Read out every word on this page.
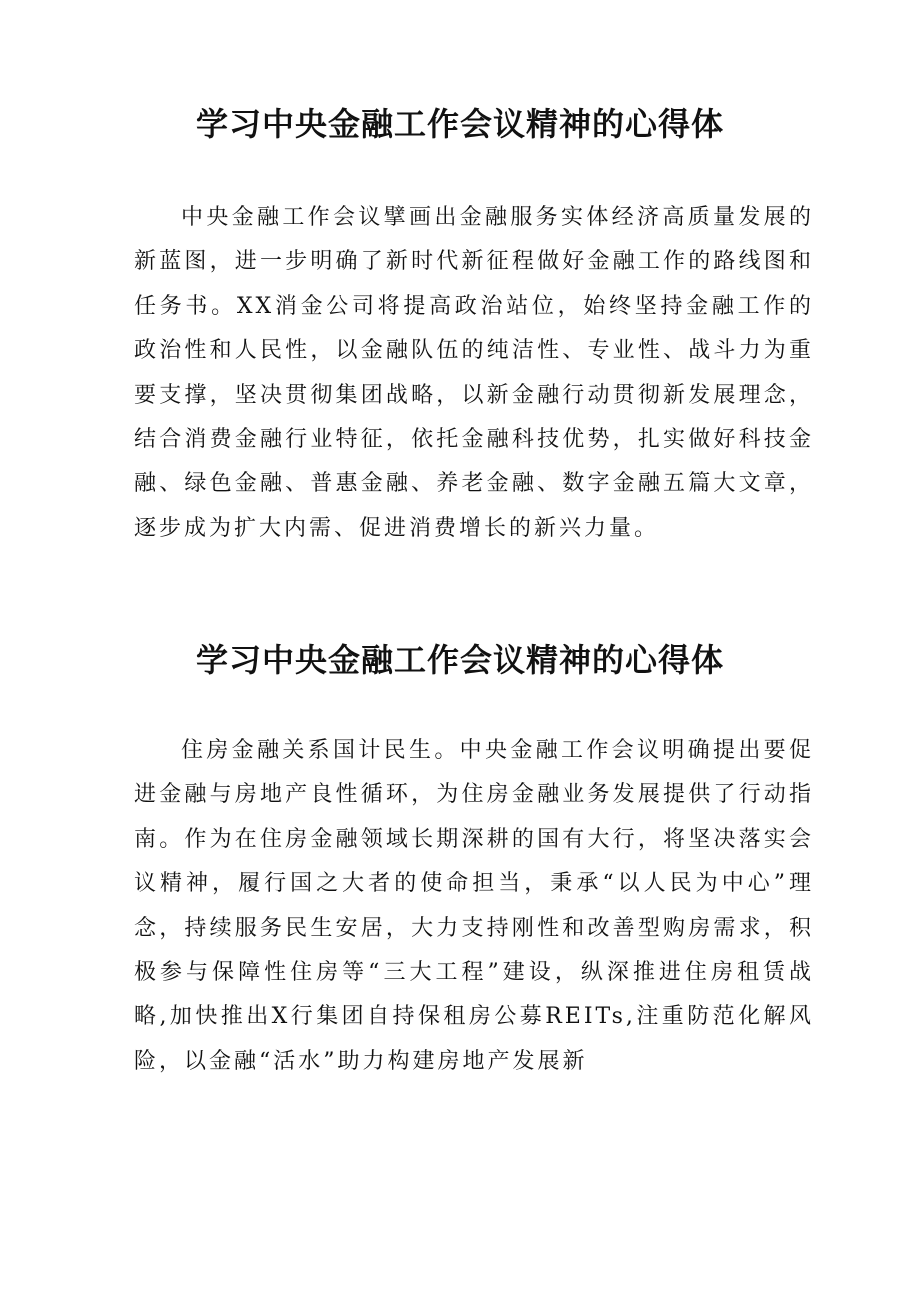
学习中央金融工作会议精神的心得体

中央金融工作会议擘画出金融服务实体经济高质量发展的新蓝图，进一步明确了新时代新征程做好金融工作的路线图和任务书。XX消金公司将提高政治站位，始终坚持金融工作的政治性和人民性，以金融队伍的纯洁性、专业性、战斗力为重要支撑，坚决贯彻集团战略，以新金融行动贯彻新发展理念，结合消费金融行业特征，依托金融科技优势，扎实做好科技金融、绿色金融、普惠金融、养老金融、数字金融五篇大文章，逐步成为扩大内需、促进消费增长的新兴力量。

学习中央金融工作会议精神的心得体

住房金融关系国计民生。中央金融工作会议明确提出要促进金融与房地产良性循环，为住房金融业务发展提供了行动指南。作为在住房金融领域长期深耕的国有大行，将坚决落实会议精神，履行国之大者的使命担当，秉承“以人民为中心”理念，持续服务民生安居，大力支持刚性和改善型购房需求，积极参与保障性住房等“三大工程”建设，纵深推进住房租赁战略,加快推出X行集团自持保租房公募REITs,注重防范化解风险，以金融“活水”助力构建房地产发展新
